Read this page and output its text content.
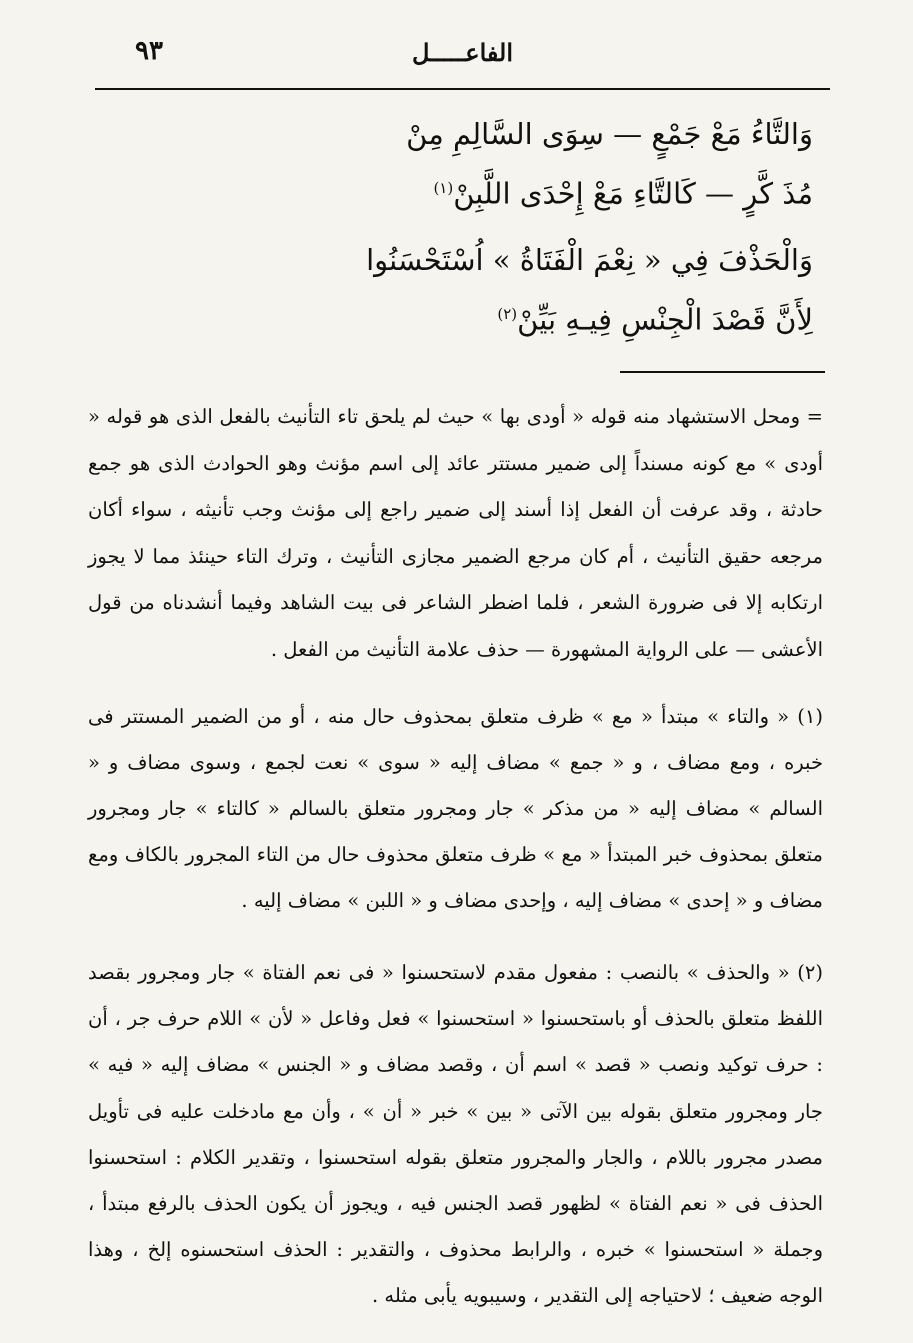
الفاعـــــل
٩٣
وَالتَّاءُ مَعْ جَمْعٍ — سِوَى السَّالِمِ مِنْ
مُذَ كَّرٍ — كَالتَّاءِ مَعْ إِحْدَى اللَّبِنْ$^{(١)}$
وَالْحَذْفَ فِي « نِعْمَ الْفَتَاةُ » اُسْتَحْسَنُوا
لِأَنَّ قَصْدَ الْجِنْسِ فِيـهِ بَيِّنْ$^{(٢)}$

= ومحل الاستشهاد منه قوله « أودى بها » حيث لم يلحق تاء التأنيث بالفعل الذى هو قوله « أودى » مع كونه مسنداً إلى ضمير مستتر عائد إلى اسم مؤنث وهو الحوادث الذى هو جمع حادثة ، وقد عرفت أن الفعل إذا أسند إلى ضمير راجع إلى مؤنث وجب تأنيثه ، سواء أكان مرجعه حقيق التأنيث ، أم كان مرجع الضمير مجازى التأنيث ، وترك التاء حينئذ مما لا يجوز ارتكابه إلا فى ضرورة الشعر ، فلما اضطر الشاعر فى بيت الشاهد وفيما أنشدناه من قول الأعشى — على الرواية المشهورة — حذف علامة التأنيث من الفعل .

(١) « والتاء » مبتدأ « مع » ظرف متعلق بمحذوف حال منه ، أو من الضمير المستتر فى خبره ، ومع مضاف ، و « جمع » مضاف إليه « سوى » نعت لجمع ، وسوى مضاف و « السالم » مضاف إليه « من مذكر » جار ومجرور متعلق بالسالم « كالتاء » جار ومجرور متعلق بمحذوف خبر المبتدأ « مع » ظرف متعلق محذوف حال من التاء المجرور بالكاف ومع مضاف و « إحدى » مضاف إليه ، وإحدى مضاف و « اللبن » مضاف إليه .

(٢) « والحذف » بالنصب : مفعول مقدم لاستحسنوا « فى نعم الفتاة » جار ومجرور بقصد اللفظ متعلق بالحذف أو باستحسنوا « استحسنوا » فعل وفاعل « لأن » اللام حرف جر ، أن : حرف توكيد ونصب « قصد » اسم أن ، وقصد مضاف و « الجنس » مضاف إليه « فيه » جار ومجرور متعلق بقوله بين الآتى « بين » خبر « أن » ، وأن مع مادخلت عليه فى تأويل مصدر مجرور باللام ، والجار والمجرور متعلق بقوله استحسنوا ، وتقدير الكلام : استحسنوا الحذف فى « نعم الفتاة » لظهور قصد الجنس فيه ، ويجوز أن يكون الحذف بالرفع مبتدأ ، وجملة « استحسنوا » خبره ، والرابط محذوف ، والتقدير : الحذف استحسنوه إلخ ، وهذا الوجه ضعيف ؛ لاحتياجه إلى التقدير ، وسيبويه يأبى مثله .
